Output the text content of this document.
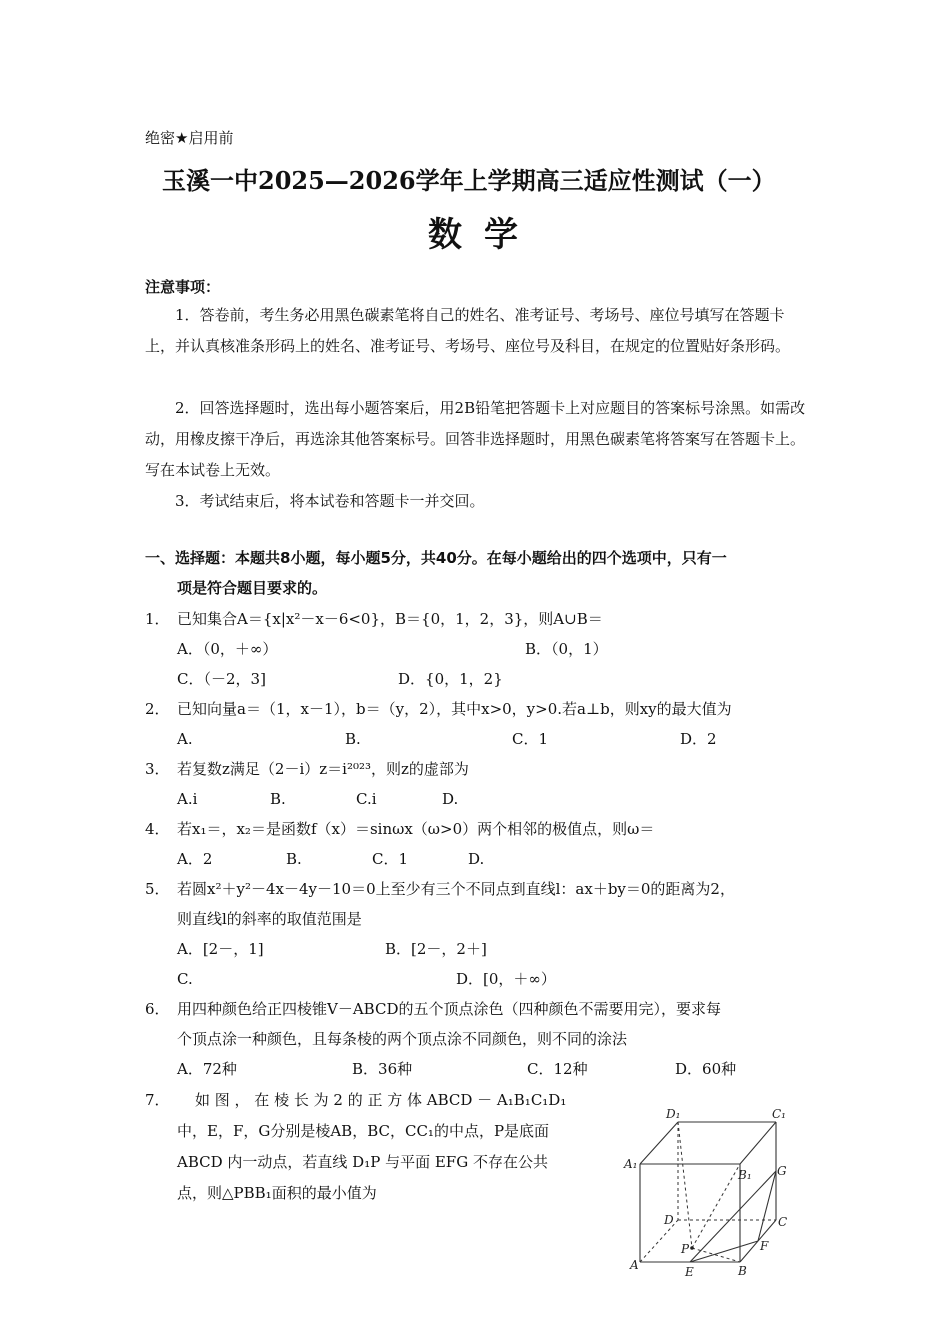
绝密★启用前
玉溪一中2025—2026学年上学期高三适应性测试（一）
数学
注意事项：
1．答卷前，考生务必用黑色碳素笔将自己的姓名、准考证号、考场号、座位号填写在答题卡上，并认真核准条形码上的姓名、准考证号、考场号、座位号及科目，在规定的位置贴好条形码。
2．回答选择题时，选出每小题答案后，用2B铅笔把答题卡上对应题目的答案标号涂黑。如需改动，用橡皮擦干净后，再选涂其他答案标号。回答非选择题时，用黑色碳素笔将答案写在答题卡上。写在本试卷上无效。
3．考试结束后，将本试卷和答题卡一并交回。
一、选择题：本题共8小题，每小题5分，共40分。在每小题给出的四个选项中，只有一
项是符合题目要求的。
1． 已知集合A＝{x|x²－x－6<0}，B＝{0，1，2，3}，则A∪B＝
A．（0，＋∞）	B．（0，1）
C．（－2，3]	D．{0，1，2}
2． 已知向量a＝（1，x－1），b＝（y，2），其中x>0，y>0.若a⊥b，则xy的最大值为
A.	B.	C．1	D．2
3． 若复数z满足（2－i）z＝i²⁰²³，则z的虚部为
A.i	B.	C.i	D.
4． 若x₁＝，x₂＝是函数f（x）＝sinωx（ω>0）两个相邻的极值点，则ω＝
A．2	B.	C．1	D.
5． 若圆x²＋y²－4x－4y－10＝0上至少有三个不同点到直线l：ax＋by＝0的距离为2，
则直线l的斜率的取值范围是
A．[2－，1]	B．[2－，2＋]
C.	D．[0，＋∞）
6． 用四种颜色给正四棱锥V－ABCD的五个顶点涂色（四种颜色不需要用完），要求每
个顶点涂一种颜色，且每条棱的两个顶点涂不同颜色，则不同的涂法
A．72种	B．36种	C．12种	D．60种
7． 如 图 ， 在 棱 长 为 2 的 正 方 体 ABCD － A₁B₁C₁D₁
中，E，F，G分别是棱AB，BC，CC₁的中点，P是底面
ABCD 内一动点，若直线 D₁P 与平面 EFG 不存在公共
点，则△PBB₁面积的最小值为
D₁	C₁
A₁
B₁ G
D	C
P	F
A	E	B
